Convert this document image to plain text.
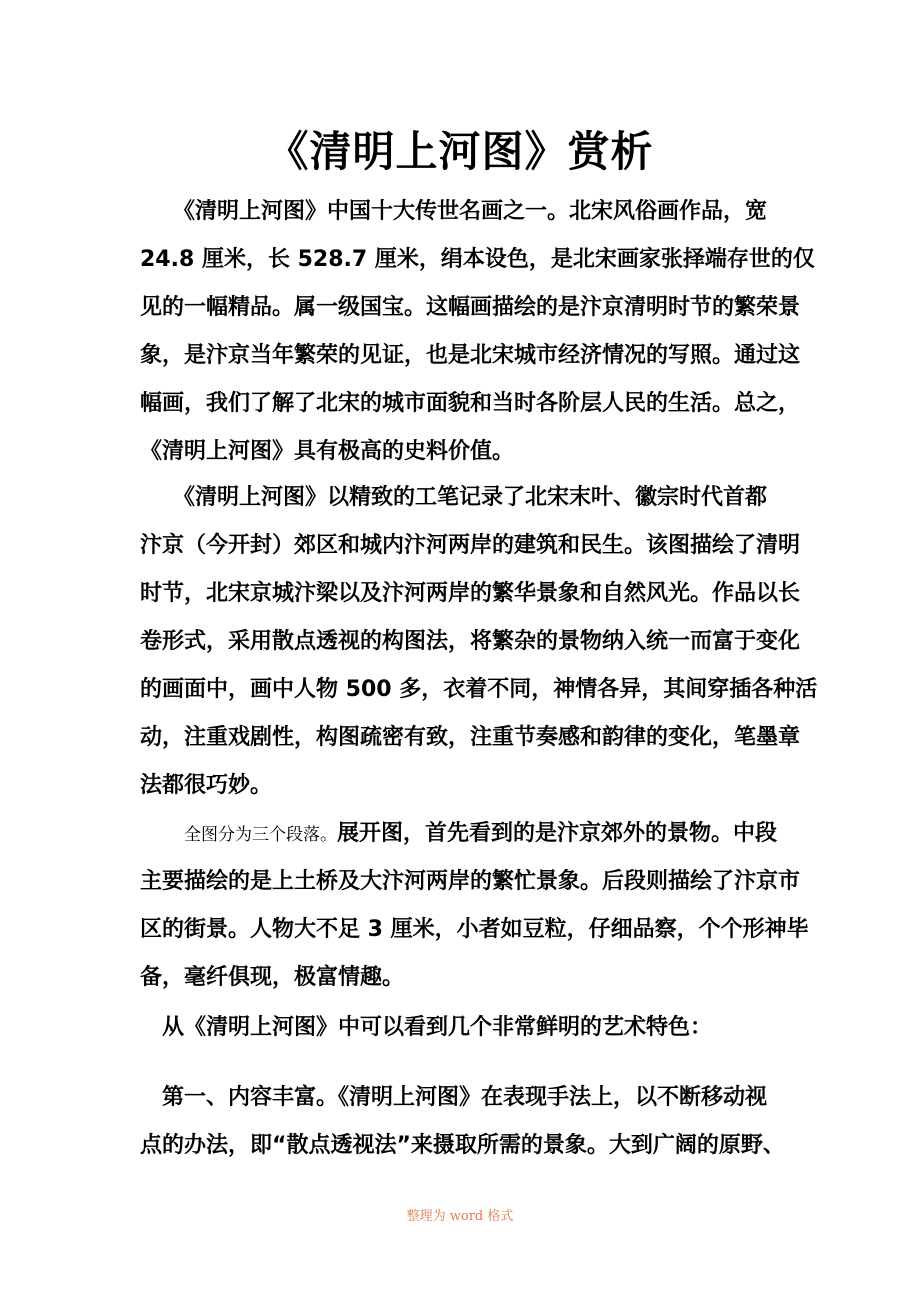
《清明上河图》赏析
　　《清明上河图》中国十大传世名画之一。北宋风俗画作品，宽
24.8 厘米，长 528.7 厘米，绢本设色，是北宋画家张择端存世的仅
见的一幅精品。属一级国宝。这幅画描绘的是汴京清明时节的繁荣景
象，是汴京当年繁荣的见证，也是北宋城市经济情况的写照。通过这
幅画，我们了解了北宋的城市面貌和当时各阶层人民的生活。总之，
《清明上河图》具有极高的史料价值。
　　《清明上河图》以精致的工笔记录了北宋末叶、徽宗时代首都
汴京（今开封）郊区和城内汴河两岸的建筑和民生。该图描绘了清明
时节，北宋京城汴梁以及汴河两岸的繁华景象和自然风光。作品以长
卷形式，采用散点透视的构图法，将繁杂的景物纳入统一而富于变化
的画面中，画中人物 500 多，衣着不同，神情各异，其间穿插各种活
动，注重戏剧性，构图疏密有致，注重节奏感和韵律的变化，笔墨章
法都很巧妙。
全图分为三个段落。展开图，首先看到的是汴京郊外的景物。中段
主要描绘的是上土桥及大汴河两岸的繁忙景象。后段则描绘了汴京市
区的街景。人物大不足 3 厘米，小者如豆粒，仔细品察，个个形神毕
备，毫纤俱现，极富情趣。
　从《清明上河图》中可以看到几个非常鲜明的艺术特色：
　第一、内容丰富。《清明上河图》在表现手法上，以不断移动视
点的办法，即“散点透视法”来摄取所需的景象。大到广阔的原野、
整理为 word 格式
